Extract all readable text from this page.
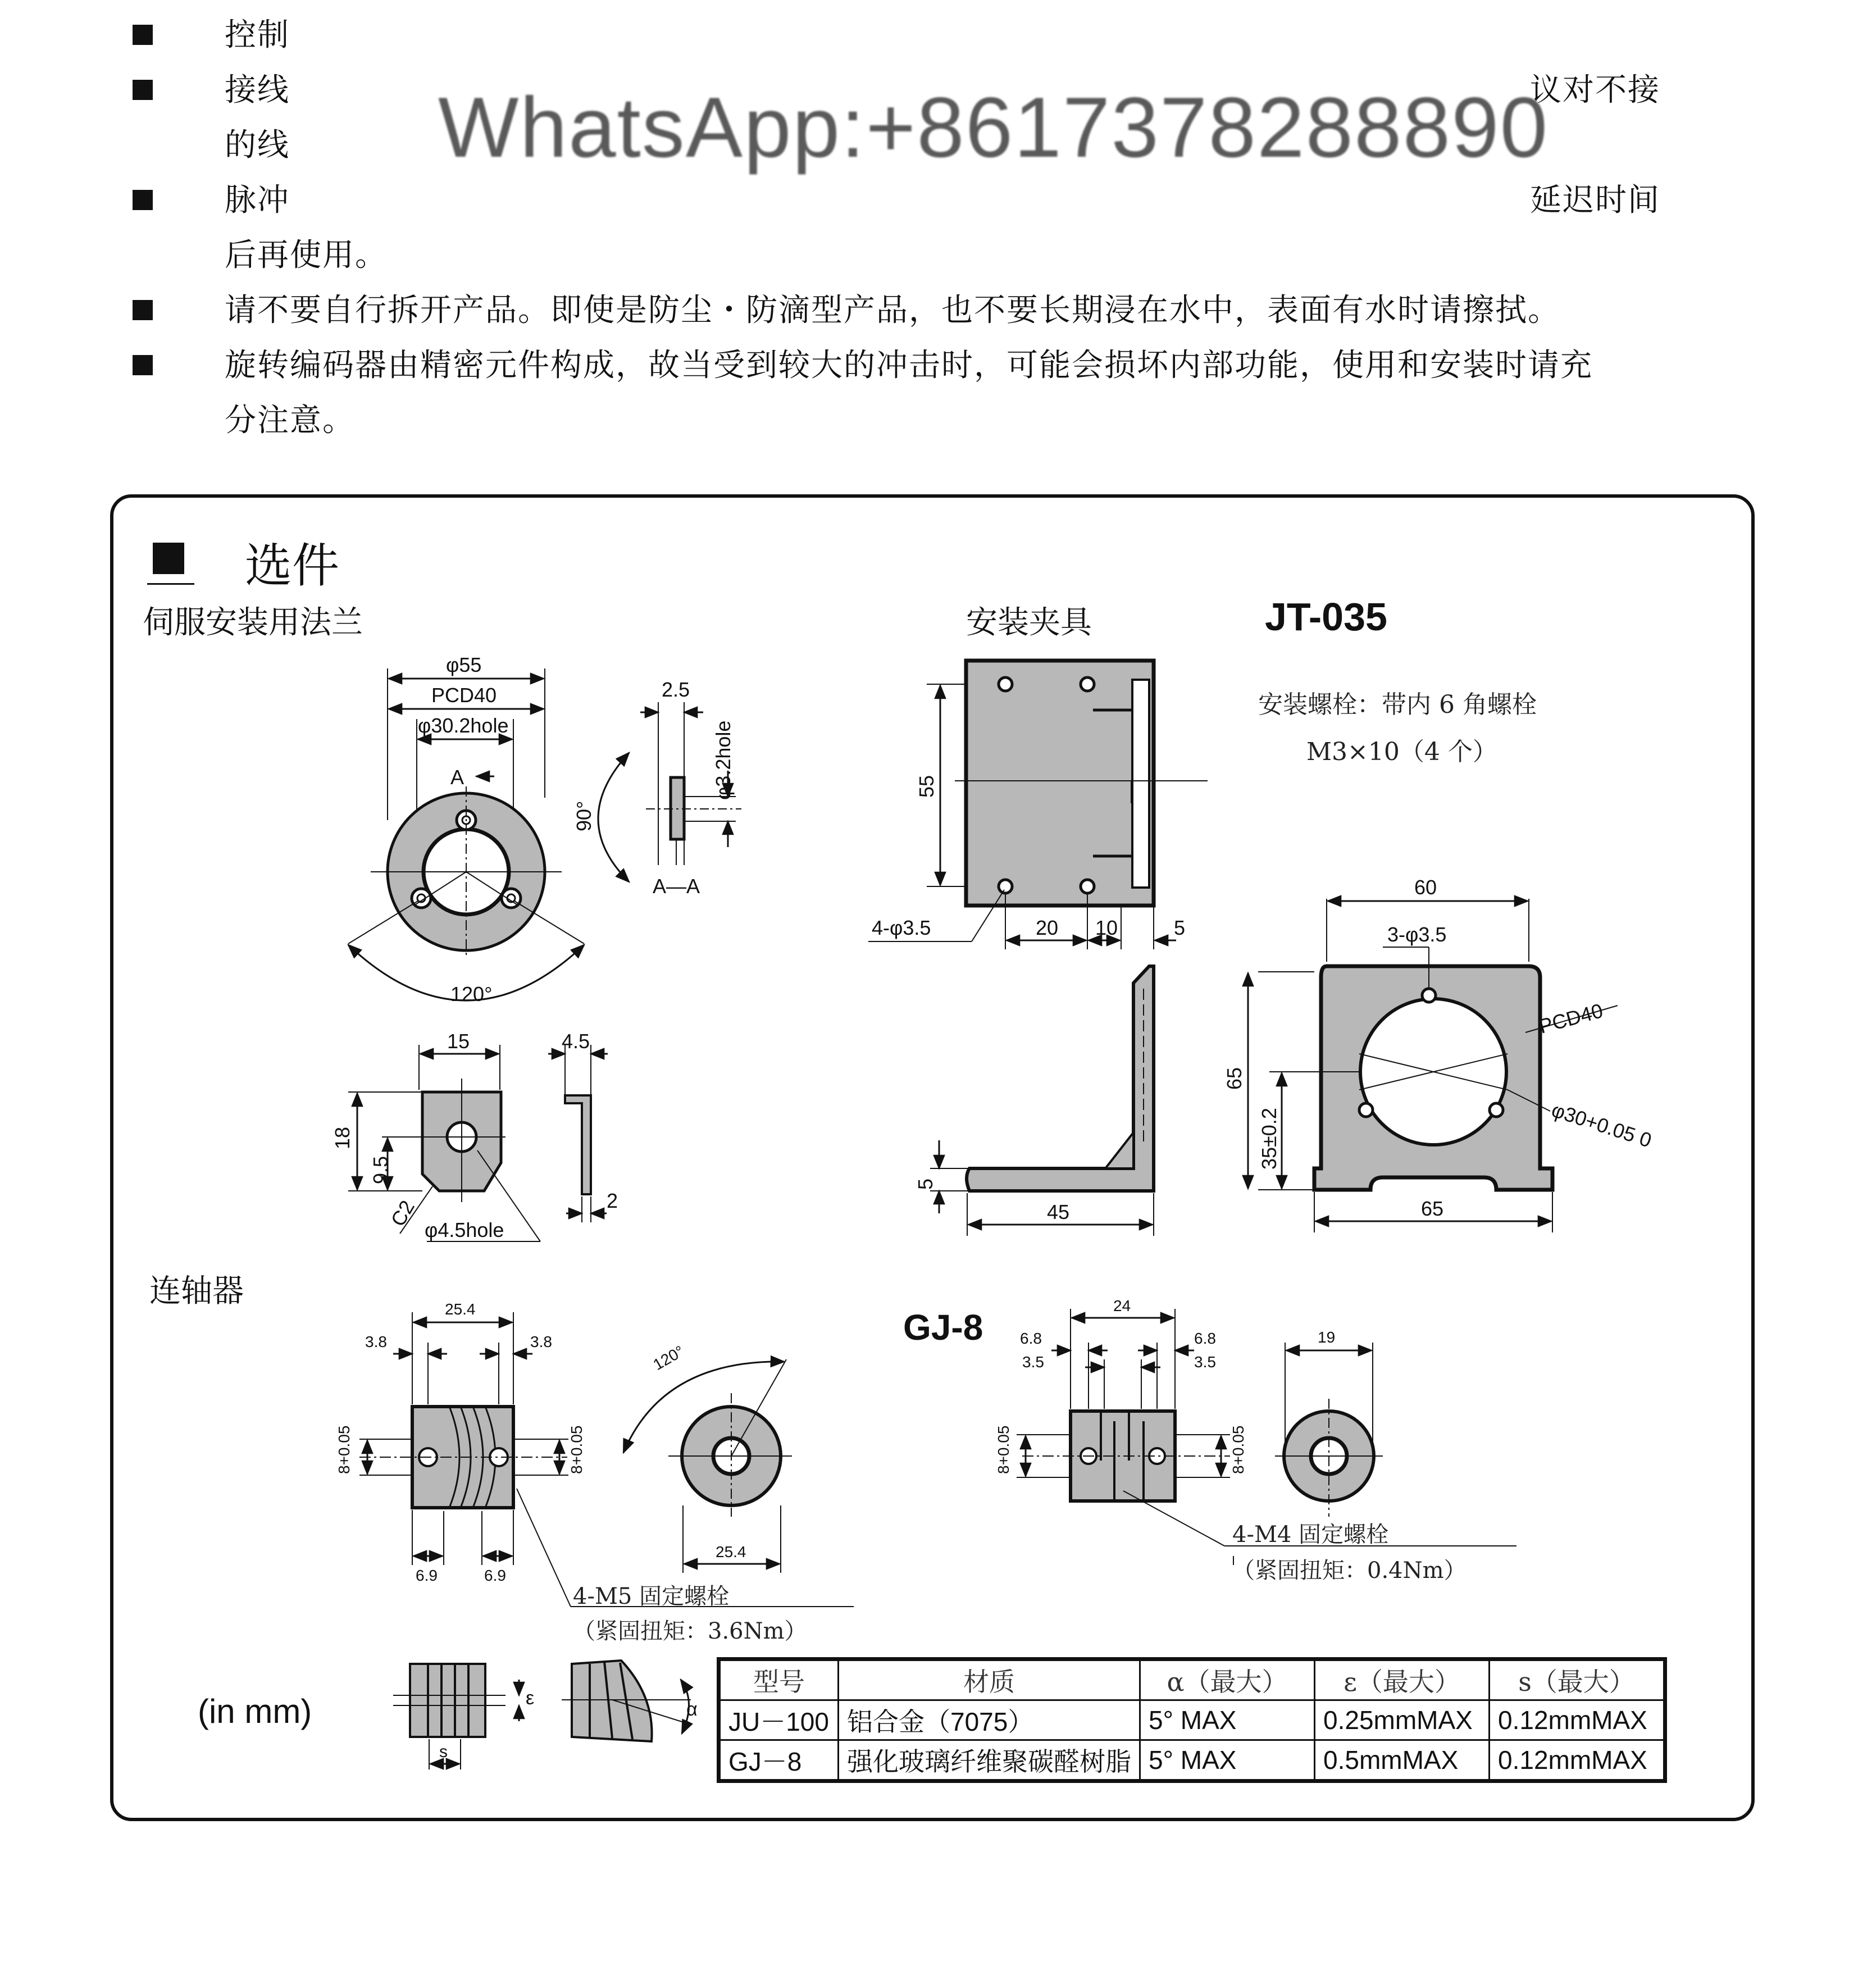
控制
接线	议对不接
的线
脉冲	延迟时间
后再使用。
请不要自行拆开产品。即使是防尘・防滴型产品，也不要长期浸在水中，表面有水时请擦拭。
旋转编码器由精密元件构成，故当受到较大的冲击时，可能会损坏内部功能，使用和安装时请充
分注意。
WhatsApp:+8617378288890
选件
伺服安装用法兰	安装夹具	JT-035
安装螺栓：带内 6 角螺栓
M3×10（4 个）
连轴器
GJ-8
(in mm)
φ55
PCD40
φ30.2hole
A
120°
2.5
φ3.2hole
90°
A—A
15	4.5
18
9.5
C2 φ4.5hole
2
55
4-φ3.5	20 10	5
5
45
60
3-φ3.5
PCD40
65
35±0.2	φ30+0.05 0
65
25.4
3.8	3.8
8+0.05	8+0.05
6.9	6.9
120°
25.4
24
6.8	6.8
3.5	3.5
19
8+0.05	8+0.05
ε
α
s
4-M5 固定螺栓
（紧固扭矩：3.6Nm）
4-M4 固定螺栓
（紧固扭矩：0.4Nm）
型号	材质	α（最大）	ε（最大）	s（最大）
JU－100	铝合金（7075）	5° MAX	0.25mmMAX	0.12mmMAX
GJ－8	强化玻璃纤维聚碳醛树脂	5° MAX	0.5mmMAX	0.12mmMAX
